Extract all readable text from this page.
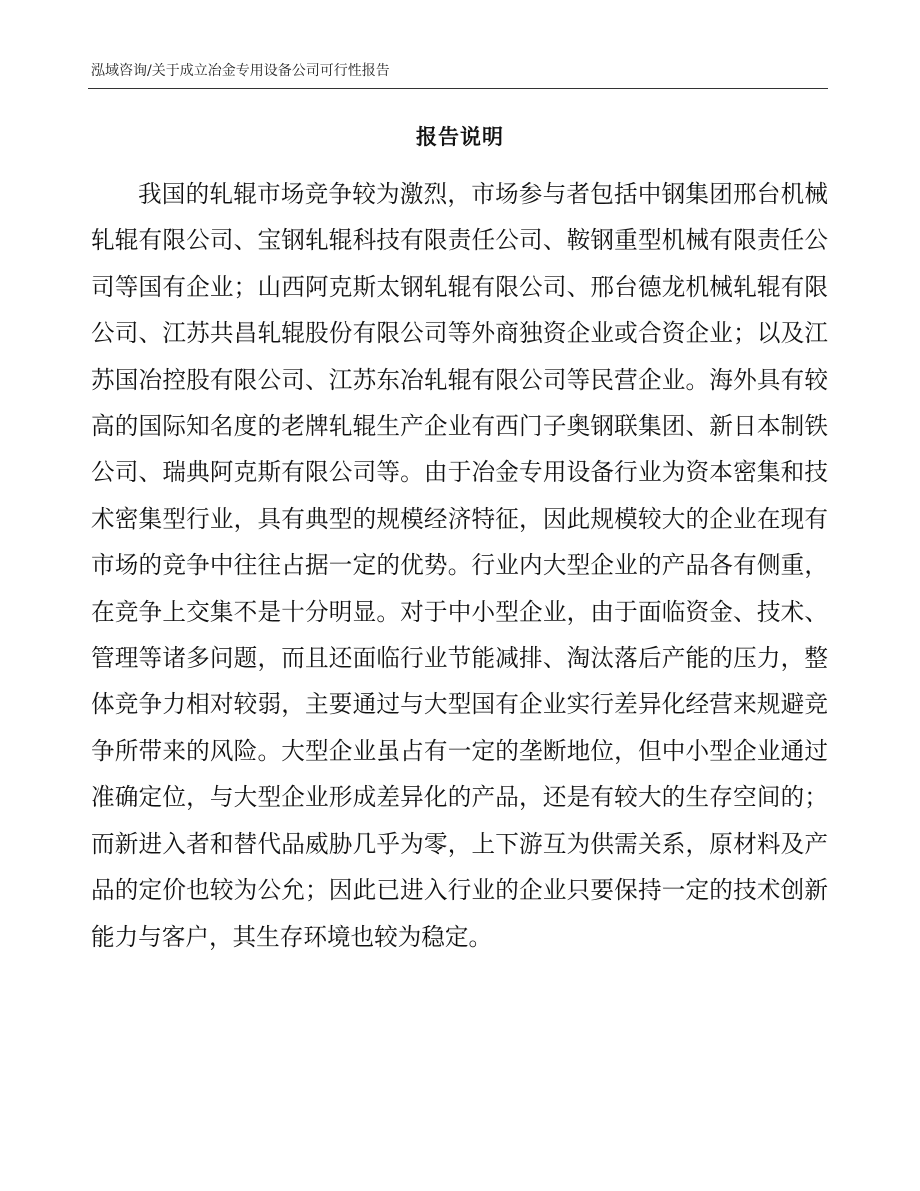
泓域咨询/关于成立冶金专用设备公司可行性报告
报告说明

我国的轧辊市场竞争较为激烈，市场参与者包括中钢集团邢台机械轧辊有限公司、宝钢轧辊科技有限责任公司、鞍钢重型机械有限责任公司等国有企业；山西阿克斯太钢轧辊有限公司、邢台德龙机械轧辊有限公司、江苏共昌轧辊股份有限公司等外商独资企业或合资企业；以及江苏国冶控股有限公司、江苏东冶轧辊有限公司等民营企业。海外具有较高的国际知名度的老牌轧辊生产企业有西门子奥钢联集团、新日本制铁公司、瑞典阿克斯有限公司等。由于冶金专用设备行业为资本密集和技术密集型行业，具有典型的规模经济特征，因此规模较大的企业在现有市场的竞争中往往占据一定的优势。行业内大型企业的产品各有侧重，在竞争上交集不是十分明显。对于中小型企业，由于面临资金、技术、管理等诸多问题，而且还面临行业节能减排、淘汰落后产能的压力，整体竞争力相对较弱，主要通过与大型国有企业实行差异化经营来规避竞争所带来的风险。大型企业虽占有一定的垄断地位，但中小型企业通过准确定位，与大型企业形成差异化的产品，还是有较大的生存空间的；而新进入者和替代品威胁几乎为零，上下游互为供需关系，原材料及产品的定价也较为公允；因此已进入行业的企业只要保持一定的技术创新能力与客户，其生存环境也较为稳定。
